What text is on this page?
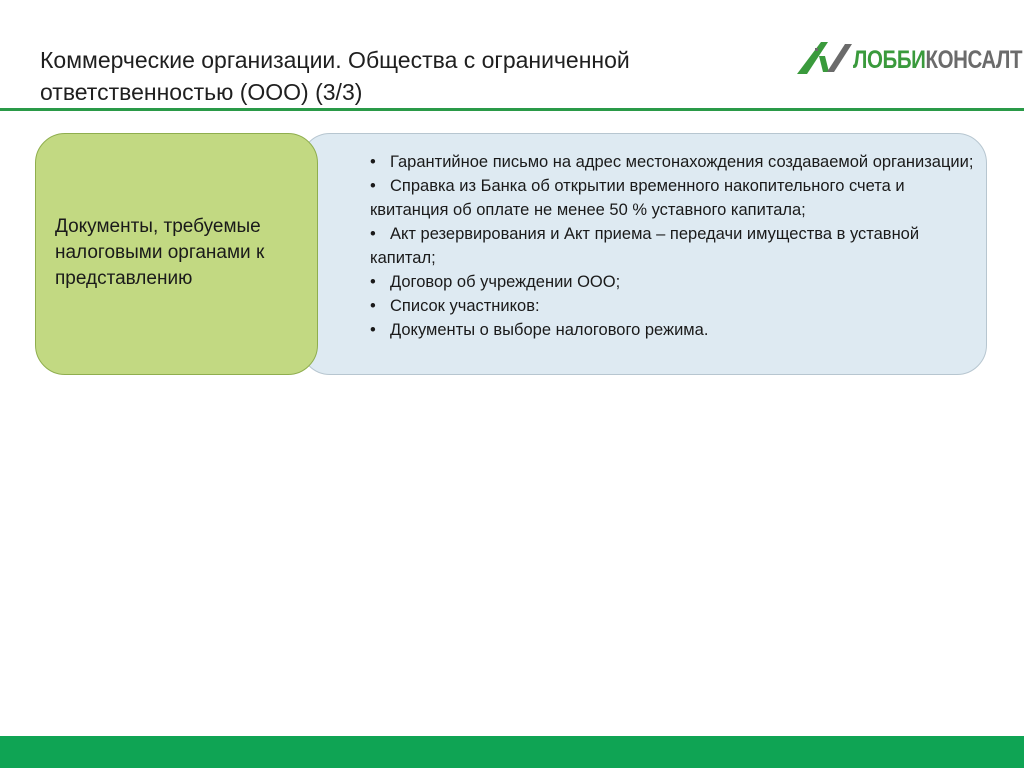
Коммерческие организации. Общества с ограниченной ответственностью (ООО) (3/3)
ЛОББИКОНСАЛТ
• Гарантийное письмо на адрес местонахождения создаваемой организации;
• Справка из Банка об открытии временного накопительного счета и квитанция об оплате не менее 50 % уставного капитала;
• Акт резервирования и Акт приема – передачи имущества в уставной капитал;
• Договор об учреждении ООО;
• Список участников:
• Документы о выборе налогового режима.
Документы, требуемые налоговыми органами к представлению
